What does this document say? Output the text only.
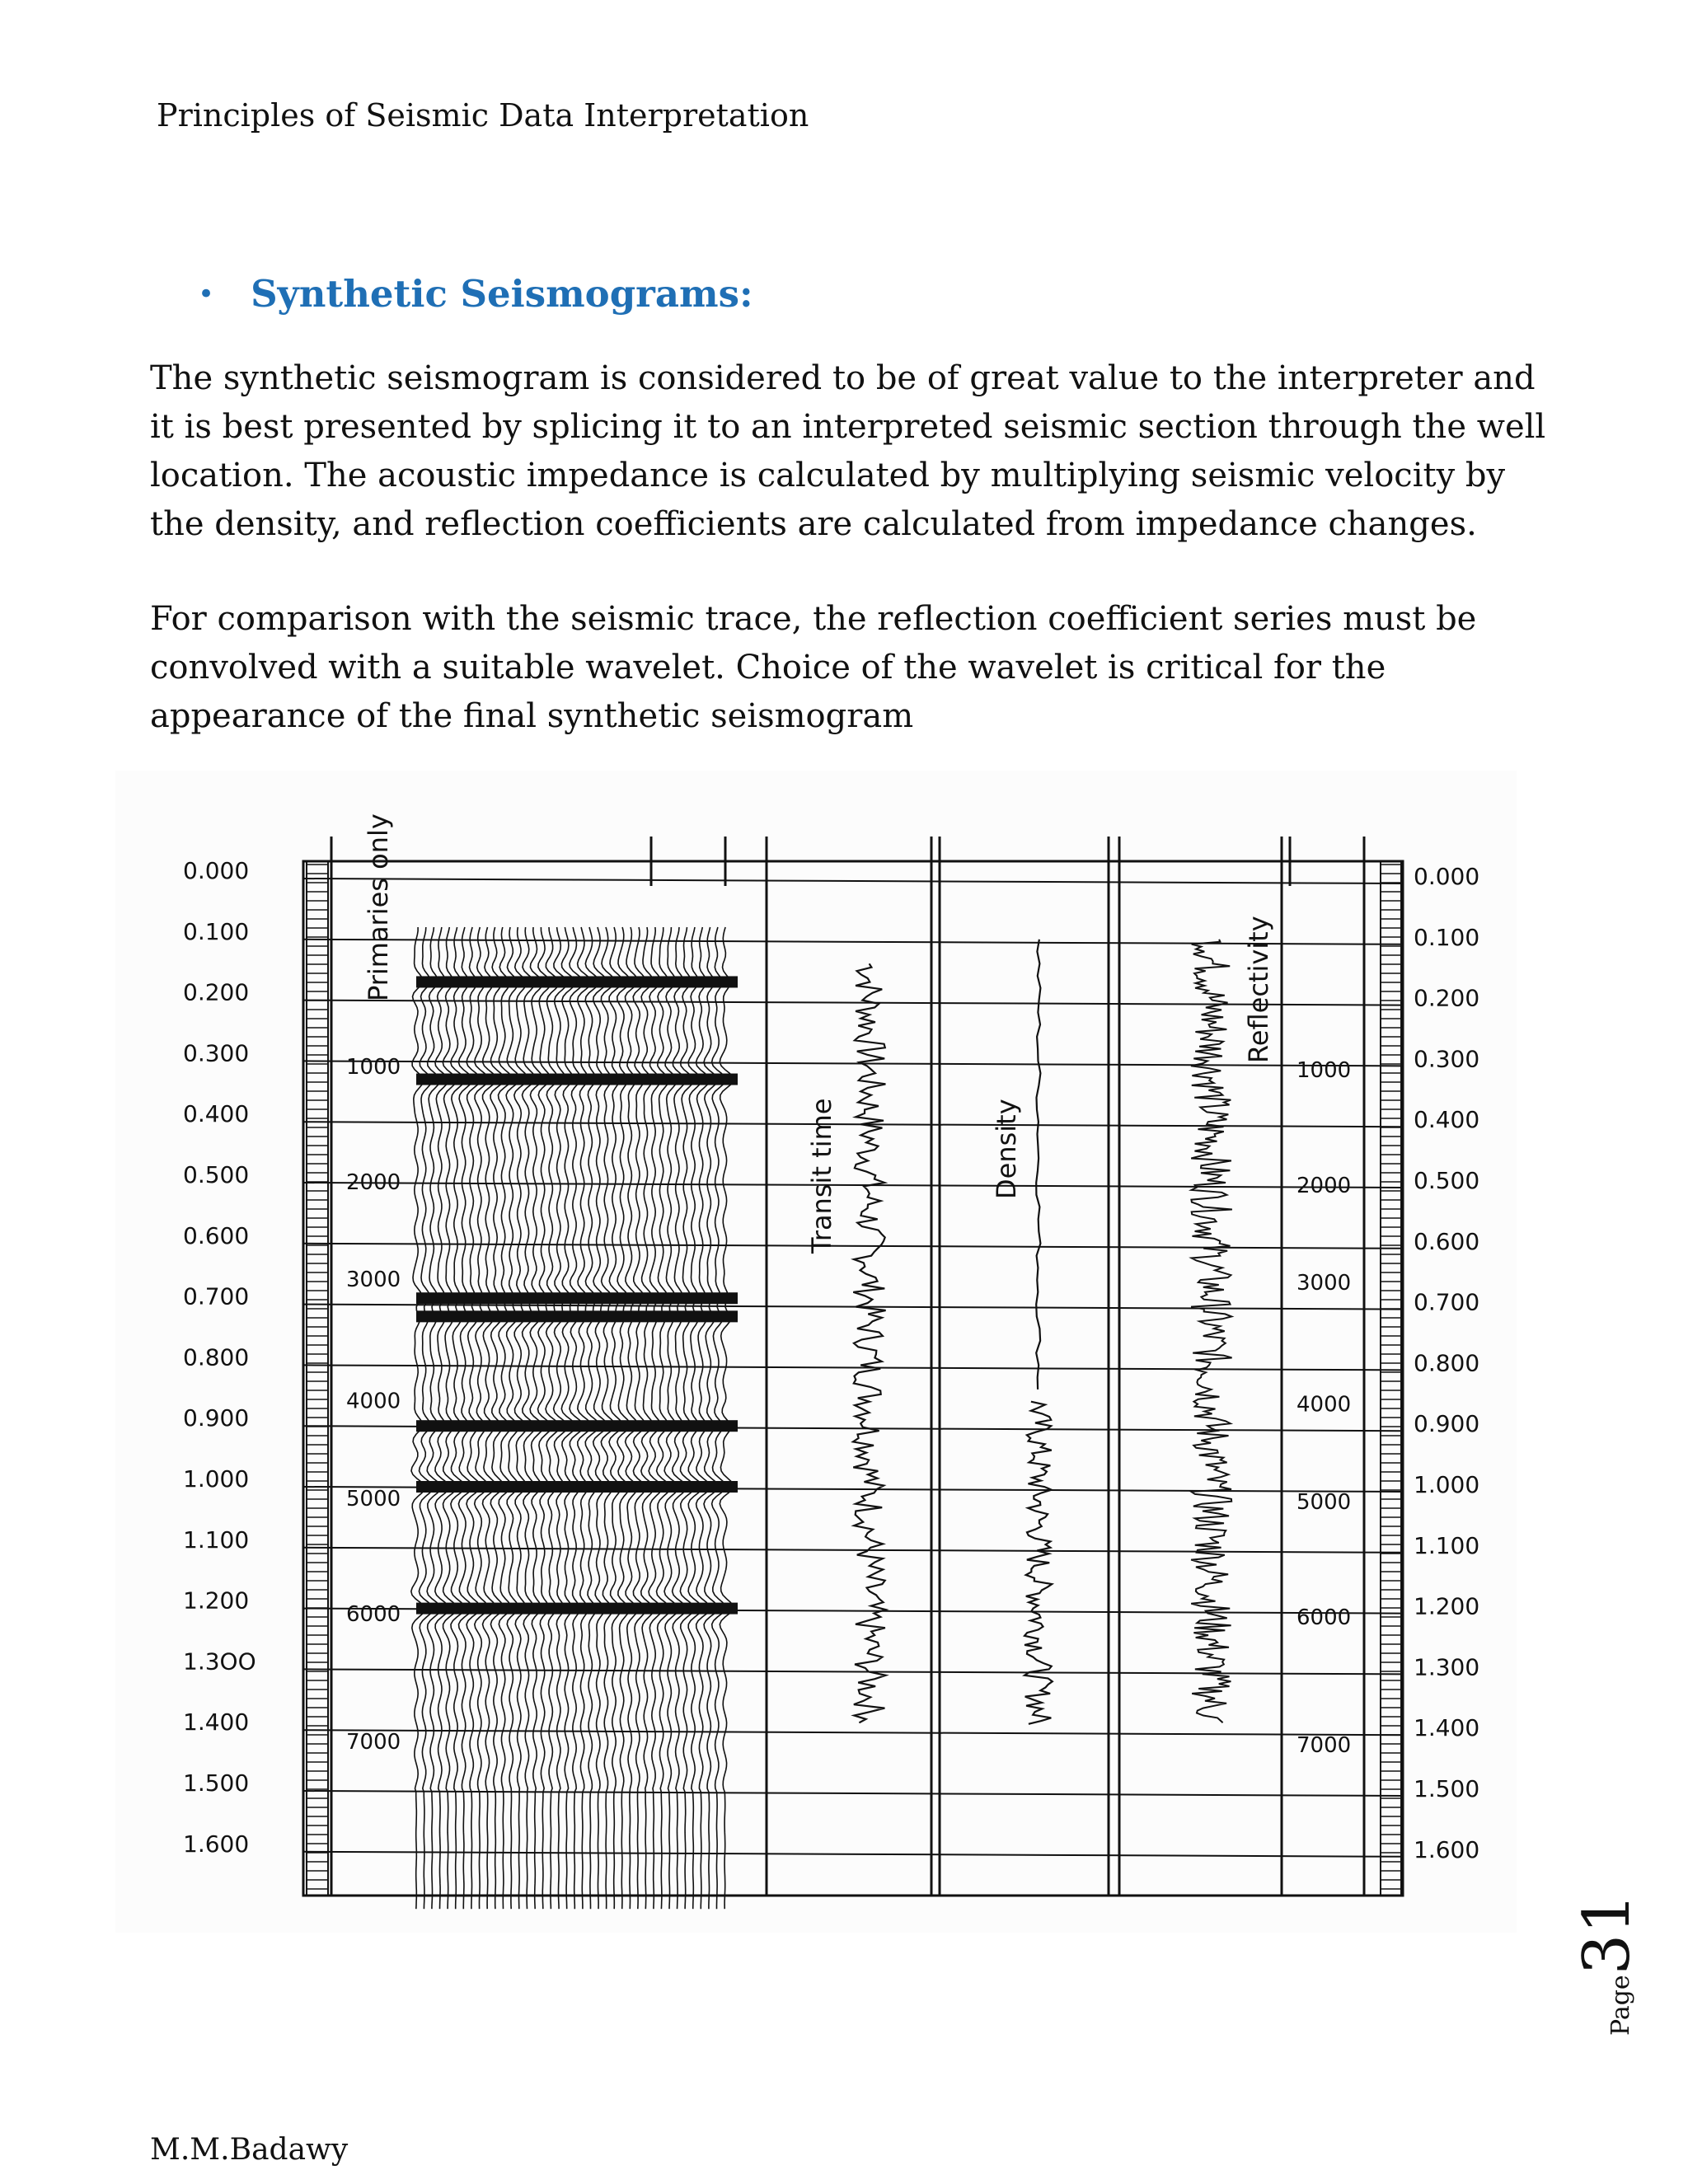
Principles of Seismic Data Interpretation
• Synthetic Seismograms:

The synthetic seismogram is considered to be of great value to the interpreter and it is best presented by splicing it to an interpreted seismic section through the well location. The acoustic impedance is calculated by multiplying seismic velocity by the density, and reflection coefficients are calculated from impedance changes.

For comparison with the seismic trace, the reflection coefficient series must be convolved with a suitable wavelet. Choice of the wavelet is critical for the appearance of the final synthetic seismogram

0.000
0.100
0.200
0.300
0.400
0.500
0.600
0.700
0.800
0.900
1.000
1.100
1.200
1.3ОО
1.400
1.500
1.600
0.000
0.100
0.200
0.300
0.400
0.500
0.600
0.700
0.800
0.900
1.000
1.100
1.200
1.300
1.400
1.500
1.600
1000	1000
2000	2000
3000	3000
4000	4000
5000	5000
6000	6000
7000	7000
Primaries only
Transit time	Density
Reflectivity
Page31
M.M.Badawy
